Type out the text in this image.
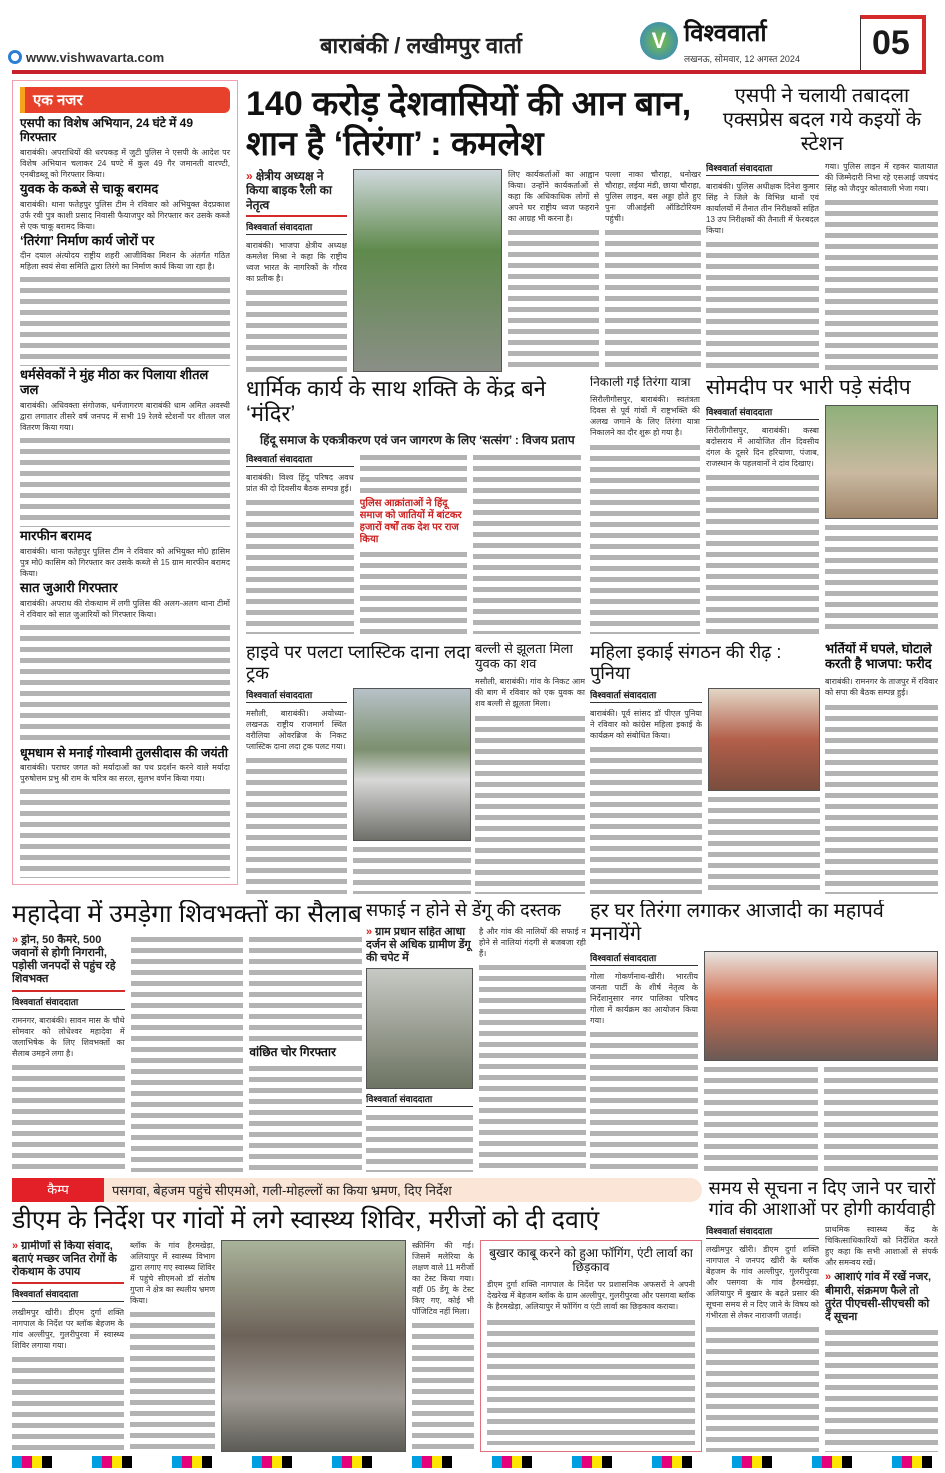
www.vishwavarta.com	बाराबंकी / लखीमपुर वार्ता	V विश्ववार्ता
लखनऊ, सोमवार, 12 अगस्त 2024 05
एक नजर
एसपी का विशेष अभियान, 24 घंटे में 49 गिरफ्तार
बाराबंकी। अपराधियों की धरपकड़ में जुटी पुलिस ने एसपी के आदेश पर विशेष अभियान चलाकर 24 घण्टे में कुल 49 गैर जमानती वारण्टी, एनबीडब्लू को गिरफ्तार किया।
युवक के कब्जे से चाकू बरामद
बाराबंकी। थाना फतेहपुर पुलिस टीम ने रविवार को अभियुक्त वेदप्रकाश उर्फ रवी पुत्र काशी प्रसाद निवासी फैयाजपुर को गिरफ्तार कर उसके कब्जे से एक चाकू बरामद किया।
‘तिरंगा’ निर्माण कार्य जोरों पर
दीन दयाल अंत्योदय राष्ट्रीय शहरी आजीविका मिशन के अंतर्गत गठित महिला स्वयं सेवा समिति द्वारा तिरंगे का निर्माण कार्य किया जा रहा है।
धर्मसेवकों ने मुंह मीठा कर पिलाया शीतल जल
बाराबंकी। अधिवक्ता संगोजक, धर्मजागरण बाराबंकी धाम अमित अवस्थी द्वारा लगातार तीसरे वर्ष जनपद में सभी 19 रेलवे स्टेशनों पर शीतल जल वितरण किया गया।
मारफीन बरामद
बाराबंकी। थाना फतेहपुर पुलिस टीम ने रविवार को अभियुक्त मो0 हासिम पुत्र मो0 कासिम को गिरफ्तार कर उसके कब्जे से 15 ग्राम मारफीन बरामद किया।
सात जुआरी गिरफ्तार
बाराबंकी। अपराध की रोकथाम में लगी पुलिस की अलग-अलग थाना टीमों ने रविवार को सात जुआरियों को गिरफ्तार किया।
धूमधाम से मनाई गोस्वामी तुलसीदास की जयंती
बाराबंकी। पराचर जगत को मर्यादाओं का पथ प्रदर्शन करने वाले मर्यादा पुरुषोत्तम प्रभु श्री राम के चरित्र का सरल, सुलभ वर्णन किया गया।
140 करोड़ देशवासियों की आन बान, शान है ‘तिरंगा’ : कमलेश
» क्षेत्रीय अध्यक्ष ने किया बाइक रैली का नेतृत्व
विश्ववार्ता संवाददाता
बाराबंकी। भाजपा क्षेत्रीय अध्यक्ष कमलेश मिश्रा ने कहा कि राष्ट्रीय ध्वज भारत के नागरिकों के गौरव का प्रतीक है।
लिए कार्यकर्ताओं का आह्वान किया। उन्होंने कार्यकर्ताओं से कहा कि अधिकाधिक लोगों से अपने घर राष्ट्रीय ध्वज फहराने का आग्रह भी करना है।
पल्ला नाका चौराहा, धनोखर चौराहा, लईया मंडी, छाया चौराहा, पुलिस लाइन, बस अड्डा होते हुए पुनः जीआईसी ऑडिटोरियम पहुंची।
एसपी ने चलायी तबादला एक्सप्रेस बदल गये कइयों के स्टेशन
विश्ववार्ता संवाददाता
बाराबंकी। पुलिस अधीक्षक दिनेश कुमार सिंह ने जिले के विभिन्न थानों एवं कार्यालयों में तैनात तीन निरीक्षकों सहित 13 उप निरीक्षकों की तैनाती में फेरबदल किया।
गया। पुलिस लाइन में रहकर यातायात की जिम्मेदारी निभा रहे एसआई जयचंद सिंह को जैदपुर कोतवाली भेजा गया।
धार्मिक कार्य के साथ शक्ति के केंद्र बने ‘मंदिर’
हिंदू समाज के एकत्रीकरण एवं जन जागरण के लिए ‘सत्संग’ : विजय प्रताप
विश्ववार्ता संवाददाता
बाराबंकी। विश्व हिंदू परिषद अवध प्रांत की दो दिवसीय बैठक सम्पन्न हुई।
पुलिस आक्रांताओं ने हिंदू समाज को जातियों में बांटकर हजारों वर्षों तक देश पर राज किया
निकाली गई तिरंगा यात्रा
सिरौलीगौसपुर, बाराबंकी। स्वतंत्रता दिवस से पूर्व गांवों में राष्ट्रभक्ति की अलख जगाने के लिए तिरंगा यात्रा निकालने का दौर शुरू हो गया है।
सोमदीप पर भारी पड़े संदीप
विश्ववार्ता संवाददाता
सिरौलीगौसपुर, बाराबंकी। कस्बा बदोसराय में आयोजित तीन दिवसीय दंगल के दूसरे दिन हरियाणा, पंजाब, राजस्थान के पहलवानों ने दांव दिखाए।
हाइवे पर पलटा प्लास्टिक दाना लदा ट्रक
विश्ववार्ता संवाददाता
मसौली, बाराबंकी। अयोध्या-लखनऊ राष्ट्रीय राजमार्ग स्थित वरौलिया ओवरब्रिज के निकट प्लास्टिक दाना लदा ट्रक पलट गया।
बल्ली से झूलता मिला युवक का शव
मसौली, बाराबंकी। गांव के निकट आम की बाग में रविवार को एक युवक का शव बल्ली से झूलता मिला।
महिला इकाई संगठन की रीढ़ : पुनिया
विश्ववार्ता संवाददाता
बाराबंकी। पूर्व सांसद डॉ पीएल पुनिया ने रविवार को कांग्रेस महिला इकाई के कार्यक्रम को संबोधित किया।
भर्तियों में घपले, घोटाले करती है भाजपा: फरीद
बाराबंकी। रामनगर के ताजपुर में रविवार को सपा की बैठक सम्पन्न हुई।
महादेवा में उमड़ेगा शिवभक्तों का सैलाब
» ड्रोन, 50 कैमरे, 500 जवानों से होगी निगरानी, पड़ोसी जनपदों से पहुंच रहे शिवभक्त
विश्ववार्ता संवाददाता
रामनगर, बाराबंकी। सावन मास के चौथे सोमवार को लोधेश्वर महादेवा में जलाभिषेक के लिए शिवभक्तों का सैलाब उमड़ने लगा है।	वांछित चोर गिरफ्तार
सफाई न होने से डेंगू की दस्तक
» ग्राम प्रधान सहित आधा दर्जन से अधिक ग्रामीण डेंगू की चपेट में
विश्ववार्ता संवाददाता
है और गांव की नालियों की सफाई न होने से नालियां गंदगी से बजबजा रही हैं।
हर घर तिरंगा लगाकर आजादी का महापर्व मनायेंगे
विश्ववार्ता संवाददाता
गोला गोकर्णनाथ-खीरी। भारतीय जनता पार्टी के शीर्ष नेतृत्व के निर्देशानुसार नगर पालिका परिषद गोला में कार्यक्रम का आयोजन किया गया।
कैम्प	पसगवा, बेहजम पहुंचे सीएमओ, गली-मोहल्लों का किया भ्रमण, दिए निर्देश
डीएम के निर्देश पर गांवों में लगे स्वास्थ्य शिविर, मरीजों को दी दवाएं
» ग्रामीणों से किया संवाद, बताएं मच्छर जनित रोगों के रोकथाम के उपाय
विश्ववार्ता संवाददाता
लखीमपुर खीरी। डीएम दुर्गा शक्ति नागपाल के निर्देश पर ब्लॉक बेहजम के गांव अल्लीपुर, गुलरीपुरवा में स्वास्थ्य शिविर लगाया गया।
ब्लॉक के गांव हैरमखेड़ा, अलियापुर में स्वास्थ्य विभाग द्वारा लगाए गए स्वास्थ्य शिविर में पहुंचे सीएमओ डॉ संतोष गुप्ता ने क्षेत्र का स्थलीय भ्रमण किया।
स्क्रीनिंग की गई। जिसमें मलेरिया के लक्षण वाले 11 मरीजों का टेस्ट किया गया। वहीं 05 डेंगू के टेस्ट किए गए, कोई भी पॉजिटिव नहीं मिला।
बुखार काबू करने को हुआ फॉगिंग, एंटी लार्वा का छिड़काव
डीएम दुर्गा शक्ति नागपाल के निर्देश पर प्रशासनिक अफसरों ने अपनी देखरेख में बेहजम ब्लॉक के ग्राम अल्लीपुर, गुलरीपुरवा और पसगवा ब्लॉक के हैरमखेड़ा, अलियापुर में फॉगिंग व एंटी लार्वा का छिड़काव कराया।
समय से सूचना न दिए जाने पर चारों गांव की आशाओं पर होगी कार्यवाही
विश्ववार्ता संवाददाता
लखीमपुर खीरी। डीएम दुर्गा शक्ति नागपाल ने जनपद खीरी के ब्लॉक बेहजम के गांव अल्लीपुर, गुलरीपुरवा और पसगवा के गांव हैरमखेड़ा, अलियापुर में बुखार के बढ़ते प्रसार की सूचना समय से न दिए जाने के विषय को गंभीरता से लेकर नाराजगी जताई।
प्राथमिक स्वास्थ्य केंद्र के चिकित्साधिकारियों को निर्देशित करते हुए कहा कि सभी आशाओं से संपर्क और समन्वय रखें।
» आशाएं गांव में रखें नजर, बीमारी, संक्रमण फैले तो तुरंत पीएचसी-सीएचसी को दें सूचना
